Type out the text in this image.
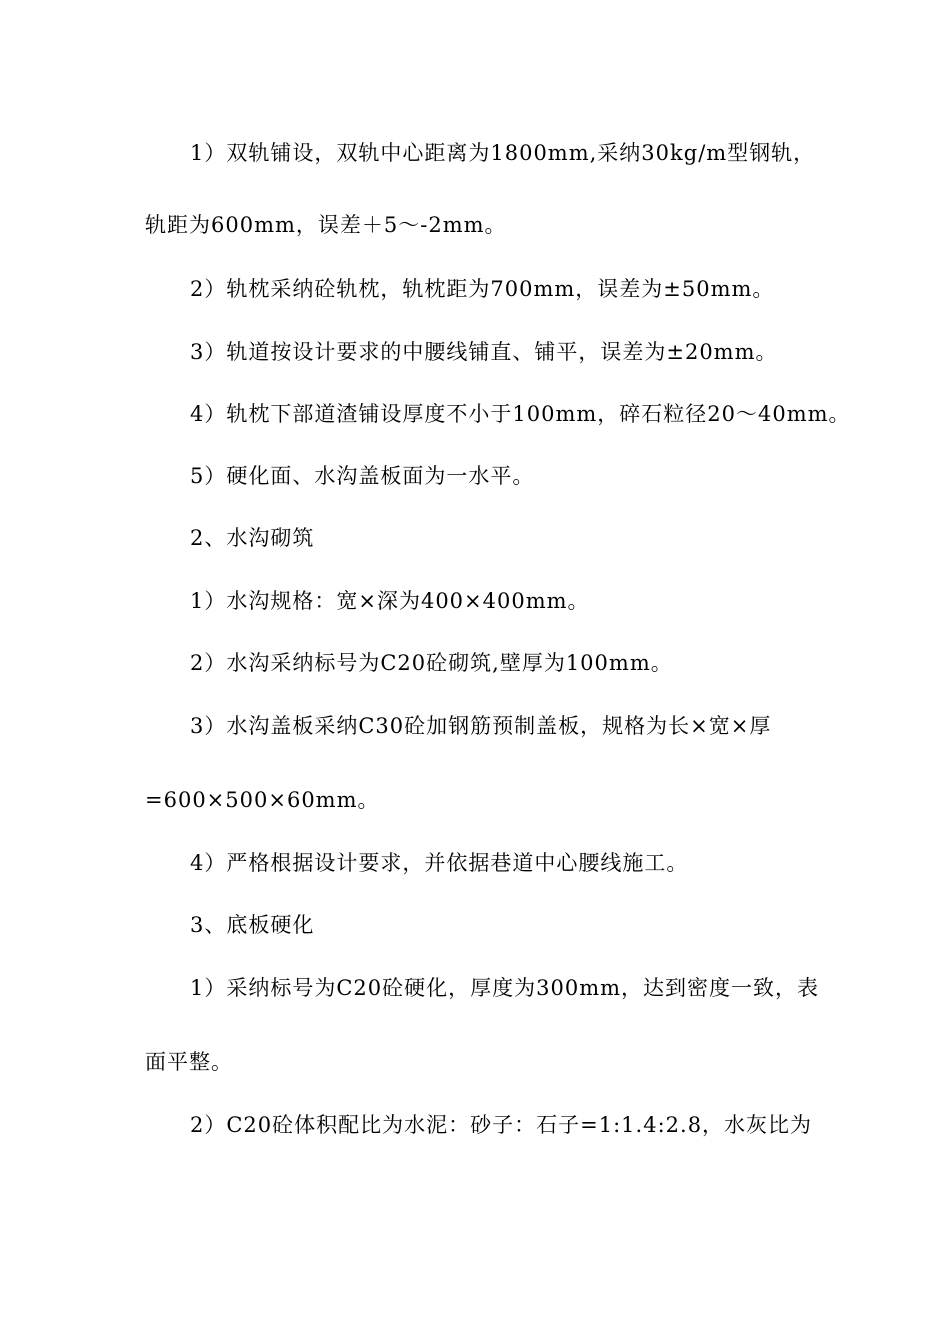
1）双轨铺设，双轨中心距离为1800mm,采纳30kg/m型钢轨，
轨距为600mm，误差＋5～-2mm。
2）轨枕采纳砼轨枕，轨枕距为700mm，误差为±50mm。
3）轨道按设计要求的中腰线铺直、铺平，误差为±20mm。
4）轨枕下部道渣铺设厚度不小于100mm，碎石粒径20～40mm。
5）硬化面、水沟盖板面为一水平。
2、水沟砌筑
1）水沟规格：宽×深为400×400mm。
2）水沟采纳标号为C20砼砌筑,壁厚为100mm。
3）水沟盖板采纳C30砼加钢筋预制盖板，规格为长×宽×厚
=600×500×60mm。
4）严格根据设计要求，并依据巷道中心腰线施工。
3、底板硬化
1）采纳标号为C20砼硬化，厚度为300mm，达到密度一致，表
面平整。
2）C20砼体积配比为水泥：砂子：石子=1:1.4:2.8，水灰比为
